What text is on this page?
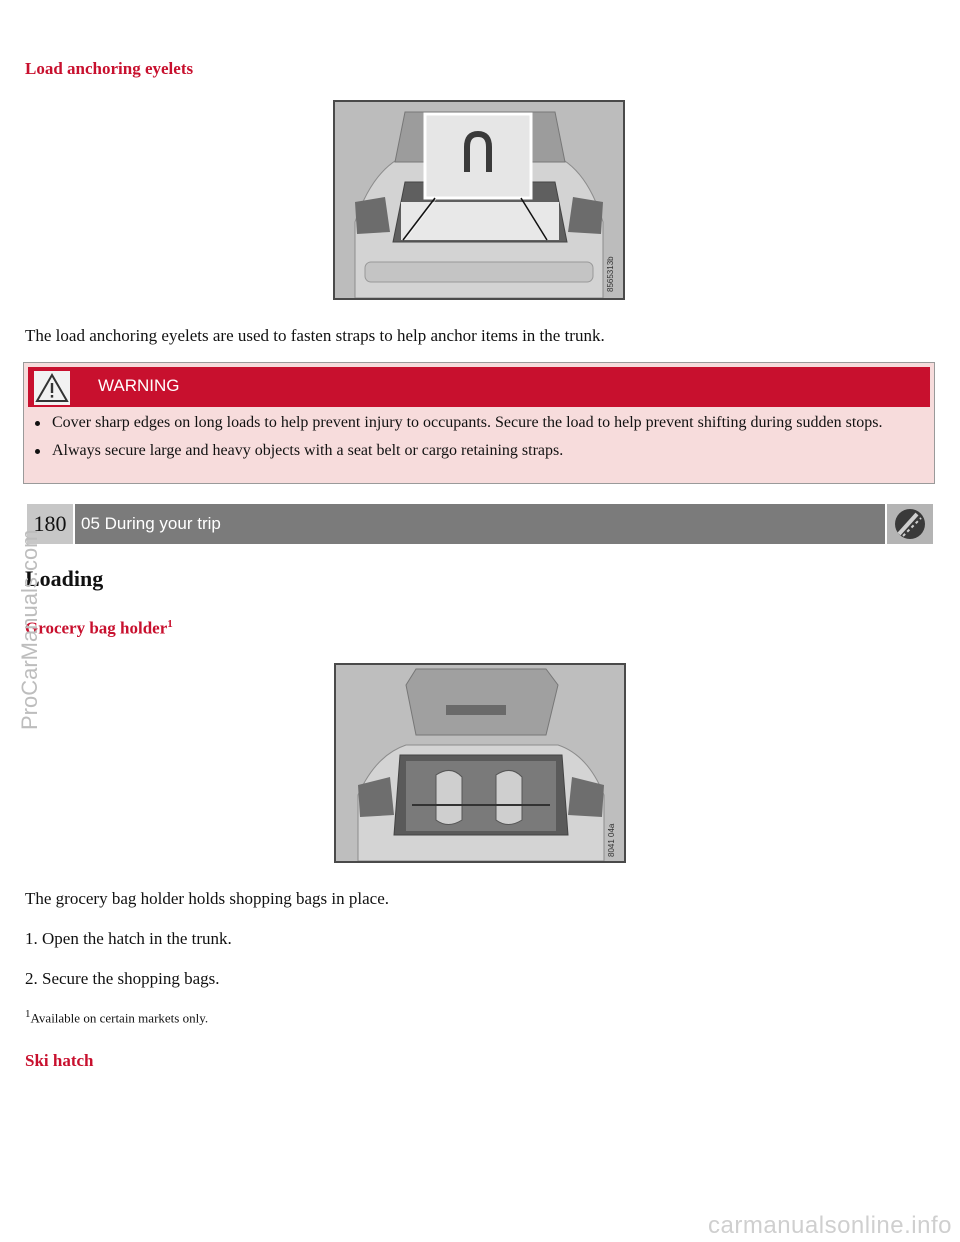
Load anchoring eyelets
8565313b
The load anchoring eyelets are used to fasten straps to help anchor items in the trunk.
WARNING
Cover sharp edges on long loads to help prevent injury to occupants. Secure the load to help prevent shifting during sudden stops.
Always secure large and heavy objects with a seat belt or cargo retaining straps.
180 05 During your trip
Loading
Grocery bag holder$^1$
8041 04a
The grocery bag holder holds shopping bags in place.
1. Open the hatch in the trunk.
2. Secure the shopping bags.
$^1$Available on certain markets only.
Ski hatch
ProCarManuals.com
carmanualsonline.info
